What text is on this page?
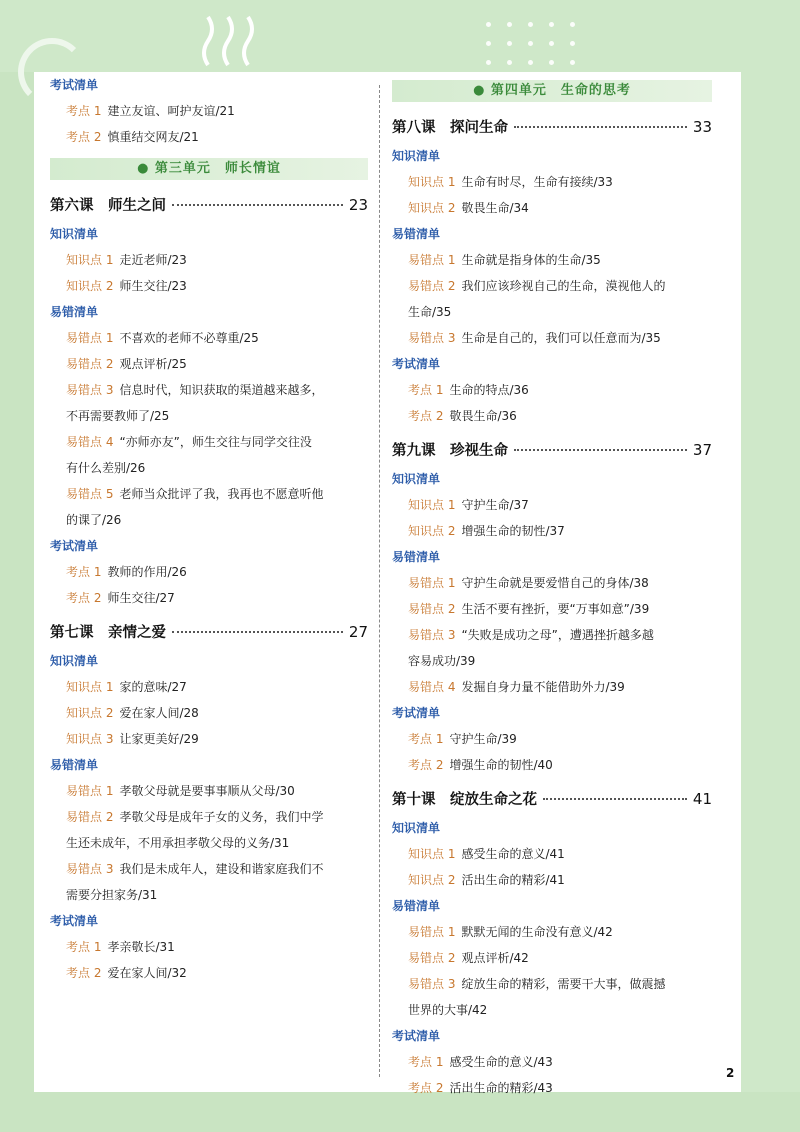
考试清单
考点 1 建立友谊、呵护友谊/21
考点 2 慎重结交网友/21
● 第三单元　师长情谊
第六课　师生之间	23
知识清单
知识点 1 走近老师/23
知识点 2 师生交往/23
易错清单
易错点 1 不喜欢的老师不必尊重/25
易错点 2 观点评析/25
易错点 3 信息时代，知识获取的渠道越来越多，
不再需要教师了/25
易错点 4 “亦师亦友”，师生交往与同学交往没
有什么差别/26
易错点 5 老师当众批评了我，我再也不愿意听他
的课了/26
考试清单
考点 1 教师的作用/26
考点 2 师生交往/27
第七课　亲情之爱	27
知识清单
知识点 1 家的意味/27
知识点 2 爱在家人间/28
知识点 3 让家更美好/29
易错清单
易错点 1 孝敬父母就是要事事顺从父母/30
易错点 2 孝敬父母是成年子女的义务，我们中学
生还未成年，不用承担孝敬父母的义务/31
易错点 3 我们是未成年人，建设和谐家庭我们不
需要分担家务/31
考试清单
考点 1 孝亲敬长/31
考点 2 爱在家人间/32
● 第四单元　生命的思考
第八课　探问生命	33
知识清单
知识点 1 生命有时尽，生命有接续/33
知识点 2 敬畏生命/34
易错清单
易错点 1 生命就是指身体的生命/35
易错点 2 我们应该珍视自己的生命，漠视他人的
生命/35
易错点 3 生命是自己的，我们可以任意而为/35
考试清单
考点 1 生命的特点/36
考点 2 敬畏生命/36
第九课　珍视生命	37
知识清单
知识点 1 守护生命/37
知识点 2 增强生命的韧性/37
易错清单
易错点 1 守护生命就是要爱惜自己的身体/38
易错点 2 生活不要有挫折，要“万事如意”/39
易错点 3 “失败是成功之母”，遭遇挫折越多越
容易成功/39
易错点 4 发掘自身力量不能借助外力/39
考试清单
考点 1 守护生命/39
考点 2 增强生命的韧性/40
第十课　绽放生命之花	41
知识清单
知识点 1 感受生命的意义/41
知识点 2 活出生命的精彩/41
易错清单
易错点 1 默默无闻的生命没有意义/42
易错点 2 观点评析/42
易错点 3 绽放生命的精彩，需要干大事，做震撼
世界的大事/42
考试清单
考点 1 感受生命的意义/43
考点 2 活出生命的精彩/43
2
